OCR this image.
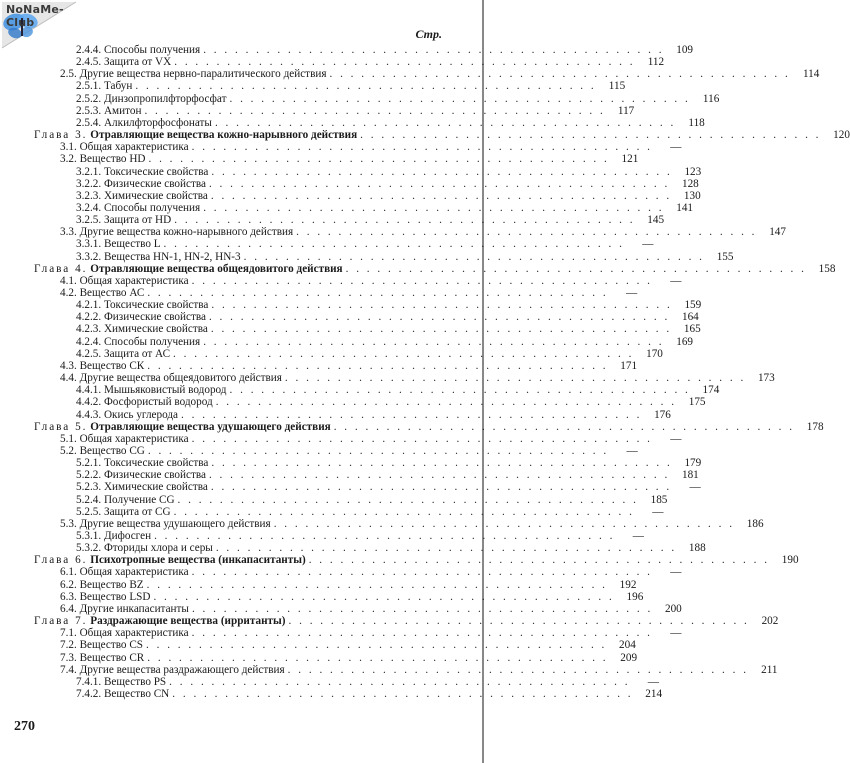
NoNaMe-Club
Стр.
2.4.4. Способы получения . . . . . . . . . . . . . . . . . . . . . . . . . . . . . . . . . . . . . . . . . . . .	109
2.4.5. Защита от VX . . . . . . . . . . . . . . . . . . . . . . . . . . . . . . . . . . . . . . . . . . . .	112
2.5. Другие вещества нервно-паралитического действия . . . . . . . . . . . . . . . . . . . . . . . . . . . . . . . . . . . . . . . . . . . .	114
2.5.1. Табун . . . . . . . . . . . . . . . . . . . . . . . . . . . . . . . . . . . . . . . . . . . .	115
2.5.2. Динзопропилфторфосфат . . . . . . . . . . . . . . . . . . . . . . . . . . . . . . . . . . . . . . . . . . . .	116
2.5.3. Амитон . . . . . . . . . . . . . . . . . . . . . . . . . . . . . . . . . . . . . . . . . . . .	117
2.5.4. Алкилфторфосфонаты . . . . . . . . . . . . . . . . . . . . . . . . . . . . . . . . . . . . . . . . . . . .	118
Глава 3. Отравляющие вещества кожно-нарывного действия . . . . . . . . . . . . . . . . . . . . . . . . . . . . . . . . . . . . . . . . . . . .	120
3.1. Общая характеристика . . . . . . . . . . . . . . . . . . . . . . . . . . . . . . . . . . . . . . . . . . . .	—
3.2. Вещество HD . . . . . . . . . . . . . . . . . . . . . . . . . . . . . . . . . . . . . . . . . . . .	121
3.2.1. Токсические свойства . . . . . . . . . . . . . . . . . . . . . . . . . . . . . . . . . . . . . . . . . . . .	123
3.2.2. Физические свойства . . . . . . . . . . . . . . . . . . . . . . . . . . . . . . . . . . . . . . . . . . . .	128
3.2.3. Химические свойства . . . . . . . . . . . . . . . . . . . . . . . . . . . . . . . . . . . . . . . . . . . .	130
3.2.4. Способы получения . . . . . . . . . . . . . . . . . . . . . . . . . . . . . . . . . . . . . . . . . . . .	141
3.2.5. Защита от HD . . . . . . . . . . . . . . . . . . . . . . . . . . . . . . . . . . . . . . . . . . . .	145
3.3. Другие вещества кожно-нарывного действия . . . . . . . . . . . . . . . . . . . . . . . . . . . . . . . . . . . . . . . . . . . .	147
3.3.1. Вещество L . . . . . . . . . . . . . . . . . . . . . . . . . . . . . . . . . . . . . . . . . . . .	—
3.3.2. Вещества HN-1, HN-2, HN-3 . . . . . . . . . . . . . . . . . . . . . . . . . . . . . . . . . . . . . . . . . . . .	155
Глава 4. Отравляющие вещества общеядовитого действия . . . . . . . . . . . . . . . . . . . . . . . . . . . . . . . . . . . . . . . . . . . .	158
4.1. Общая характеристика . . . . . . . . . . . . . . . . . . . . . . . . . . . . . . . . . . . . . . . . . . . .	—
4.2. Вещество АС . . . . . . . . . . . . . . . . . . . . . . . . . . . . . . . . . . . . . . . . . . . .	—
4.2.1. Токсические свойства . . . . . . . . . . . . . . . . . . . . . . . . . . . . . . . . . . . . . . . . . . . .	159
4.2.2. Физические свойства . . . . . . . . . . . . . . . . . . . . . . . . . . . . . . . . . . . . . . . . . . . .	164
4.2.3. Химические свойства . . . . . . . . . . . . . . . . . . . . . . . . . . . . . . . . . . . . . . . . . . . .	165
4.2.4. Способы получения . . . . . . . . . . . . . . . . . . . . . . . . . . . . . . . . . . . . . . . . . . . .	169
4.2.5. Защита от АС . . . . . . . . . . . . . . . . . . . . . . . . . . . . . . . . . . . . . . . . . . . .	170
4.3. Вещество СК . . . . . . . . . . . . . . . . . . . . . . . . . . . . . . . . . . . . . . . . . . . .	171
4.4. Другие вещества общеядовитого действия . . . . . . . . . . . . . . . . . . . . . . . . . . . . . . . . . . . . . . . . . . . .	173
4.4.1. Мышьяковистый водород . . . . . . . . . . . . . . . . . . . . . . . . . . . . . . . . . . . . . . . . . . . .	174
4.4.2. Фосфористый водород . . . . . . . . . . . . . . . . . . . . . . . . . . . . . . . . . . . . . . . . . . . .	175
4.4.3. Окись углерода . . . . . . . . . . . . . . . . . . . . . . . . . . . . . . . . . . . . . . . . . . . .	176
Глава 5. Отравляющие вещества удушающего действия . . . . . . . . . . . . . . . . . . . . . . . . . . . . . . . . . . . . . . . . . . . .	178
5.1. Общая характеристика . . . . . . . . . . . . . . . . . . . . . . . . . . . . . . . . . . . . . . . . . . . .	—
5.2. Вещество CG . . . . . . . . . . . . . . . . . . . . . . . . . . . . . . . . . . . . . . . . . . . .	—
5.2.1. Токсические свойства . . . . . . . . . . . . . . . . . . . . . . . . . . . . . . . . . . . . . . . . . . . .	179
5.2.2. Физические свойства . . . . . . . . . . . . . . . . . . . . . . . . . . . . . . . . . . . . . . . . . . . .	181
5.2.3. Химические свойства . . . . . . . . . . . . . . . . . . . . . . . . . . . . . . . . . . . . . . . . . . . .	—
5.2.4. Получение CG . . . . . . . . . . . . . . . . . . . . . . . . . . . . . . . . . . . . . . . . . . . .	185
5.2.5. Защита от CG . . . . . . . . . . . . . . . . . . . . . . . . . . . . . . . . . . . . . . . . . . . .	—
5.3. Другие вещества удушающего действия . . . . . . . . . . . . . . . . . . . . . . . . . . . . . . . . . . . . . . . . . . . .	186
5.3.1. Дифосген . . . . . . . . . . . . . . . . . . . . . . . . . . . . . . . . . . . . . . . . . . . .	—
5.3.2. Фториды хлора и серы . . . . . . . . . . . . . . . . . . . . . . . . . . . . . . . . . . . . . . . . . . . .	188
Глава 6. Психотропные вещества (инкапаситанты) . . . . . . . . . . . . . . . . . . . . . . . . . . . . . . . . . . . . . . . . . . . .	190
6.1. Общая характеристика . . . . . . . . . . . . . . . . . . . . . . . . . . . . . . . . . . . . . . . . . . . .	—
6.2. Вещество BZ . . . . . . . . . . . . . . . . . . . . . . . . . . . . . . . . . . . . . . . . . . . .	192
6.3. Вещество LSD . . . . . . . . . . . . . . . . . . . . . . . . . . . . . . . . . . . . . . . . . . . .	196
6.4. Другие инкапаситанты . . . . . . . . . . . . . . . . . . . . . . . . . . . . . . . . . . . . . . . . . . . .	200
Глава 7. Раздражающие вещества (ирританты) . . . . . . . . . . . . . . . . . . . . . . . . . . . . . . . . . . . . . . . . . . . .	202
7.1. Общая характеристика . . . . . . . . . . . . . . . . . . . . . . . . . . . . . . . . . . . . . . . . . . . .	—
7.2. Вещество CS . . . . . . . . . . . . . . . . . . . . . . . . . . . . . . . . . . . . . . . . . . . .	204
7.3. Вещество CR . . . . . . . . . . . . . . . . . . . . . . . . . . . . . . . . . . . . . . . . . . . .	209
7.4. Другие вещества раздражающего действия . . . . . . . . . . . . . . . . . . . . . . . . . . . . . . . . . . . . . . . . . . . .	211
7.4.1. Вещество PS . . . . . . . . . . . . . . . . . . . . . . . . . . . . . . . . . . . . . . . . . . . .	—
7.4.2. Вещество CN . . . . . . . . . . . . . . . . . . . . . . . . . . . . . . . . . . . . . . . . . . . .	214
270
